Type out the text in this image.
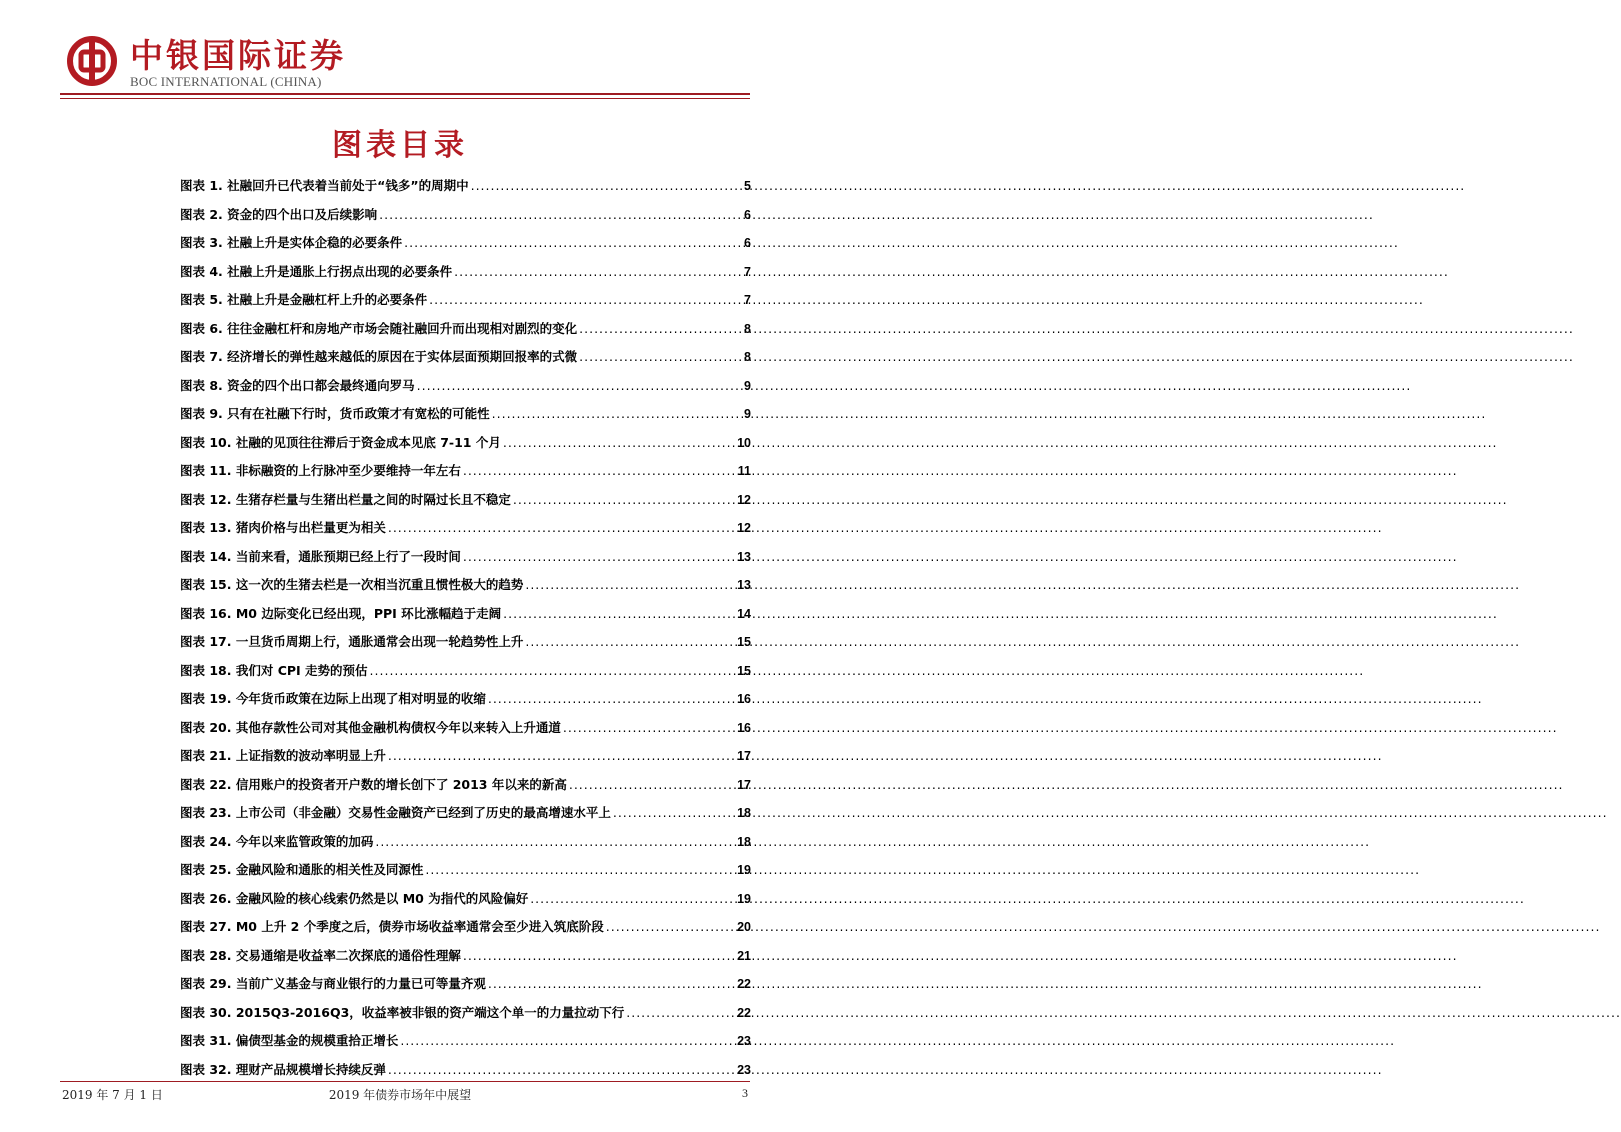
中银国际证券
BOC INTERNATIONAL (CHINA)
图表目录
图表 1. 社融回升已代表着当前处于“钱多”的周期中 .....	5
图表 2. 资金的四个出口及后续影响 .....	6
图表 3. 社融上升是实体企稳的必要条件 .....	6
图表 4. 社融上升是通胀上行拐点出现的必要条件 .....	7
图表 5. 社融上升是金融杠杆上升的必要条件 .....	7
图表 6. 往往金融杠杆和房地产市场会随社融回升而出现相对剧烈的变化 .....	8
图表 7. 经济增长的弹性越来越低的原因在于实体层面预期回报率的式微 .....	8
图表 8. 资金的四个出口都会最终通向罗马 .....	9
图表 9. 只有在社融下行时，货币政策才有宽松的可能性 .....	9
图表 10. 社融的见顶往往滞后于资金成本见底 7-11 个月 .....	10
图表 11. 非标融资的上行脉冲至少要维持一年左右 .....	11
图表 12. 生猪存栏量与生猪出栏量之间的时隔过长且不稳定 .....	12
图表 13. 猪肉价格与出栏量更为相关 .....	12
图表 14. 当前来看，通胀预期已经上行了一段时间 .....	13
图表 15. 这一次的生猪去栏是一次相当沉重且惯性极大的趋势 .....	13
图表 16. M0 边际变化已经出现，PPI 环比涨幅趋于走阔 .....	14
图表 17. 一旦货币周期上行，通胀通常会出现一轮趋势性上升 .....	15
图表 18. 我们对 CPI 走势的预估 .....	15
图表 19. 今年货币政策在边际上出现了相对明显的收缩 .....	16
图表 20. 其他存款性公司对其他金融机构债权今年以来转入上升通道 .....	16
图表 21. 上证指数的波动率明显上升 .....	17
图表 22. 信用账户的投资者开户数的增长创下了 2013 年以来的新高 .....	17
图表 23. 上市公司（非金融）交易性金融资产已经到了历史的最高增速水平上 .....	18
图表 24. 今年以来监管政策的加码 .....	18
图表 25. 金融风险和通胀的相关性及同源性 .....	19
图表 26. 金融风险的核心线索仍然是以 M0 为指代的风险偏好 .....	19
图表 27. M0 上升 2 个季度之后，债券市场收益率通常会至少进入筑底阶段 .....	20
图表 28. 交易通缩是收益率二次探底的通俗性理解 .....	21
图表 29. 当前广义基金与商业银行的力量已可等量齐观 .....	22
图表 30. 2015Q3-2016Q3，收益率被非银的资产端这个单一的力量拉动下行 .....	22
图表 31. 偏债型基金的规模重拾正增长 .....	23
图表 32. 理财产品规模增长持续反弹 .....	23
2019 年 7 月 1 日	2019 年债券市场年中展望	3
